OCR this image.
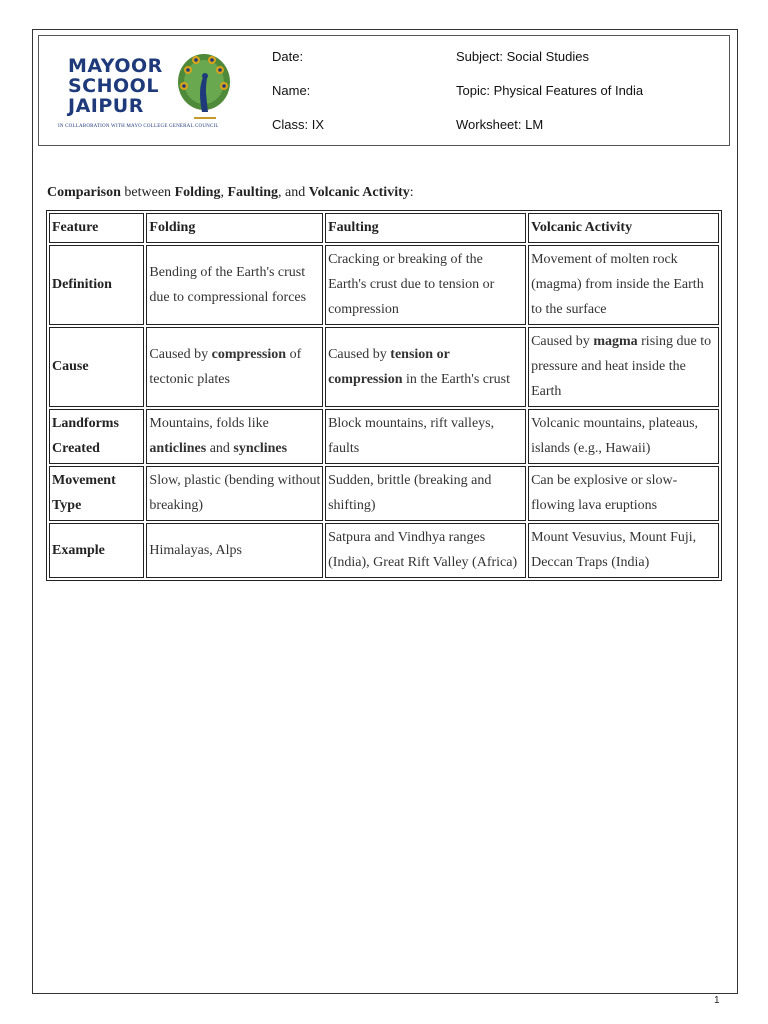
MAYOOR
SCHOOL
JAIPUR
IN COLLABORATION WITH MAYO COLLEGE GENERAL COUNCIL
Date:
Name:
Class: IX
Subject: Social Studies
Topic: Physical Features of India
Worksheet: LM
Comparison between Folding, Faulting, and Volcanic Activity:
Feature	Folding	Faulting	Volcanic Activity
Definition	Bending of the Earth's crust due to compressional forces	Cracking or breaking of the Earth's crust due to tension or compression	Movement of molten rock (magma) from inside the Earth to the surface
Cause	Caused by compression of tectonic plates	Caused by tension or compression in the Earth's crust	Caused by magma rising due to pressure and heat inside the Earth
Landforms Created	Mountains, folds like anticlines and synclines	Block mountains, rift valleys, faults	Volcanic mountains, plateaus, islands (e.g., Hawaii)
Movement Type	Slow, plastic (bending without breaking)	Sudden, brittle (breaking and shifting)	Can be explosive or slow-flowing lava eruptions
Example	Himalayas, Alps	Satpura and Vindhya ranges (India), Great Rift Valley (Africa)	Mount Vesuvius, Mount Fuji, Deccan Traps (India)
1
